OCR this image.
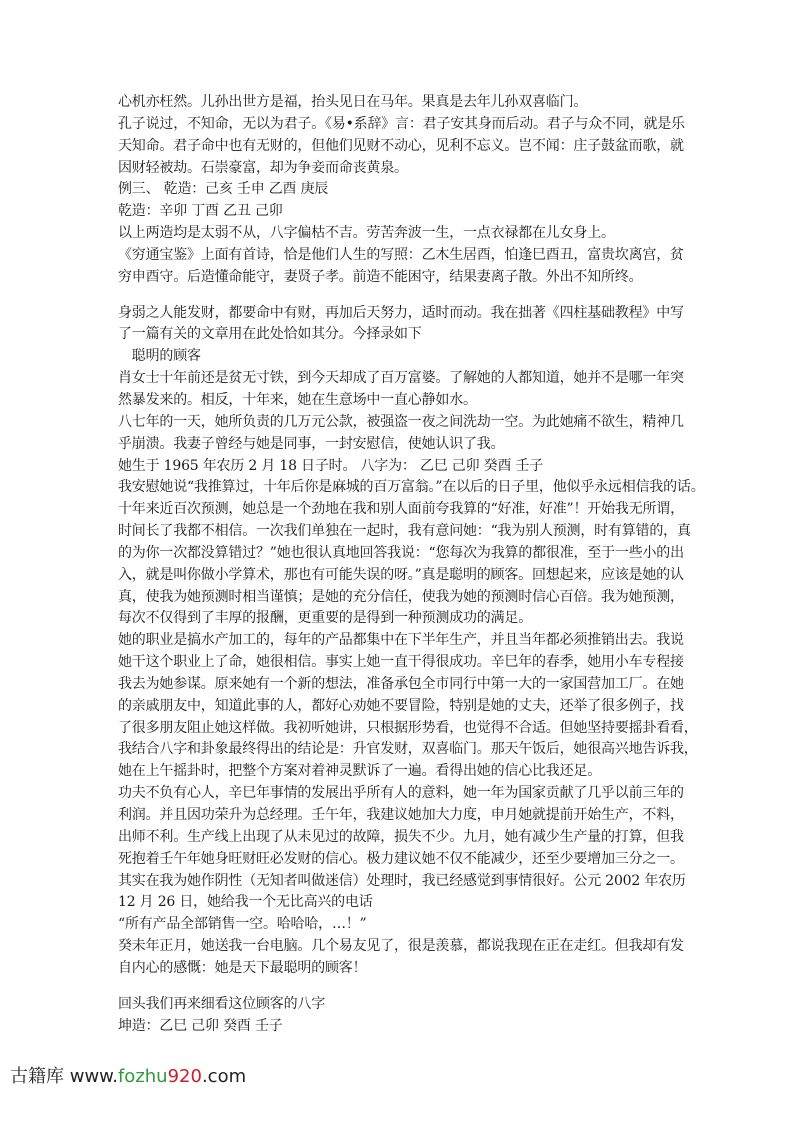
心机亦枉然。儿孙出世方是福，抬头见日在马年。果真是去年儿孙双喜临门。
孔子说过，不知命，无以为君子。《易•系辞》言：君子安其身而后动。君子与众不同，就是乐
天知命。君子命中也有无财的，但他们见财不动心，见利不忘义。岂不闻：庄子鼓盆而歌，就
因财轻被劫。石崇豪富，却为争妾而命丧黄泉。
例三、 乾造：己亥 壬申 乙酉 庚辰
乾造：辛卯 丁酉 乙丑 己卯
以上两造均是太弱不从，八字偏枯不吉。劳苦奔波一生，一点衣禄都在儿女身上。
《穷通宝鉴》上面有首诗，恰是他们人生的写照：乙木生居酉，怕逢巳酉丑，富贵坎离宫，贫
穷申酉守。后造懂命能守，妻贤子孝。前造不能困守，结果妻离子散。外出不知所终。
身弱之人能发财，都要命中有财，再加后天努力，适时而动。我在拙著《四柱基础教程》中写
了一篇有关的文章用在此处恰如其分。今择录如下
　聪明的顾客
肖女士十年前还是贫无寸铁，到今天却成了百万富婆。了解她的人都知道，她并不是哪一年突
然暴发来的。相反，十年来，她在生意场中一直心静如水。
八七年的一天，她所负责的几万元公款，被强盗一夜之间洗劫一空。为此她痛不欲生，精神几
乎崩溃。我妻子曾经与她是同事，一封安慰信，使她认识了我。
她生于 1965 年农历 2 月 18 日子时。 八字为： 乙巳 己卯 癸酉 壬子
我安慰她说“我推算过，十年后你是麻城的百万富翁。”在以后的日子里，他似乎永远相信我的话。
十年来近百次预测，她总是一个劲地在我和别人面前夸我算的“好准，好准”！开始我无所谓，
时间长了我都不相信。一次我们单独在一起时，我有意问她：“我为别人预测，时有算错的，真
的为你一次都没算错过？”她也很认真地回答我说：“您每次为我算的都很准，至于一些小的出
入，就是叫你做小学算术，那也有可能失误的呀。”真是聪明的顾客。回想起来，应该是她的认
真，使我为她预测时相当谨慎；是她的充分信任，使我为她的预测时信心百倍。我为她预测，
每次不仅得到了丰厚的报酬，更重要的是得到一种预测成功的满足。
她的职业是搞水产加工的，每年的产品都集中在下半年生产，并且当年都必须推销出去。我说
她干这个职业上了命，她很相信。事实上她一直干得很成功。辛巳年的春季，她用小车专程接
我去为她参谋。原来她有一个新的想法，准备承包全市同行中第一大的一家国营加工厂。在她
的亲戚朋友中，知道此事的人，都好心劝她不要冒险，特别是她的丈夫，还举了很多例子，找
了很多朋友阻止她这样做。我初听她讲，只根据形势看，也觉得不合适。但她坚持要摇卦看看，
我结合八字和卦象最终得出的结论是：升官发财，双喜临门。那天午饭后，她很高兴地告诉我，
她在上午摇卦时，把整个方案对着神灵默诉了一遍。看得出她的信心比我还足。
功夫不负有心人，辛巳年事情的发展出乎所有人的意料，她一年为国家贡献了几乎以前三年的
利润。并且因功荣升为总经理。壬午年，我建议她加大力度，申月她就提前开始生产，不料，
出师不利。生产线上出现了从未见过的故障，损失不少。九月，她有减少生产量的打算，但我
死抱着壬午年她身旺财旺必发财的信心。极力建议她不仅不能减少，还至少要增加三分之一。
其实在我为她作阴性（无知者叫做迷信）处理时，我已经感觉到事情很好。公元 2002 年农历
12 月 26 日，她给我一个无比高兴的电话
“所有产品全部销售一空。哈哈哈，…！”
癸未年正月，她送我一台电脑。几个易友见了，很是羡慕，都说我现在正在走红。但我却有发
自内心的感慨：她是天下最聪明的顾客！
回头我们再来细看这位顾客的八字
坤造：乙巳 己卯 癸酉 壬子
古籍库 www.fozhu920.com
